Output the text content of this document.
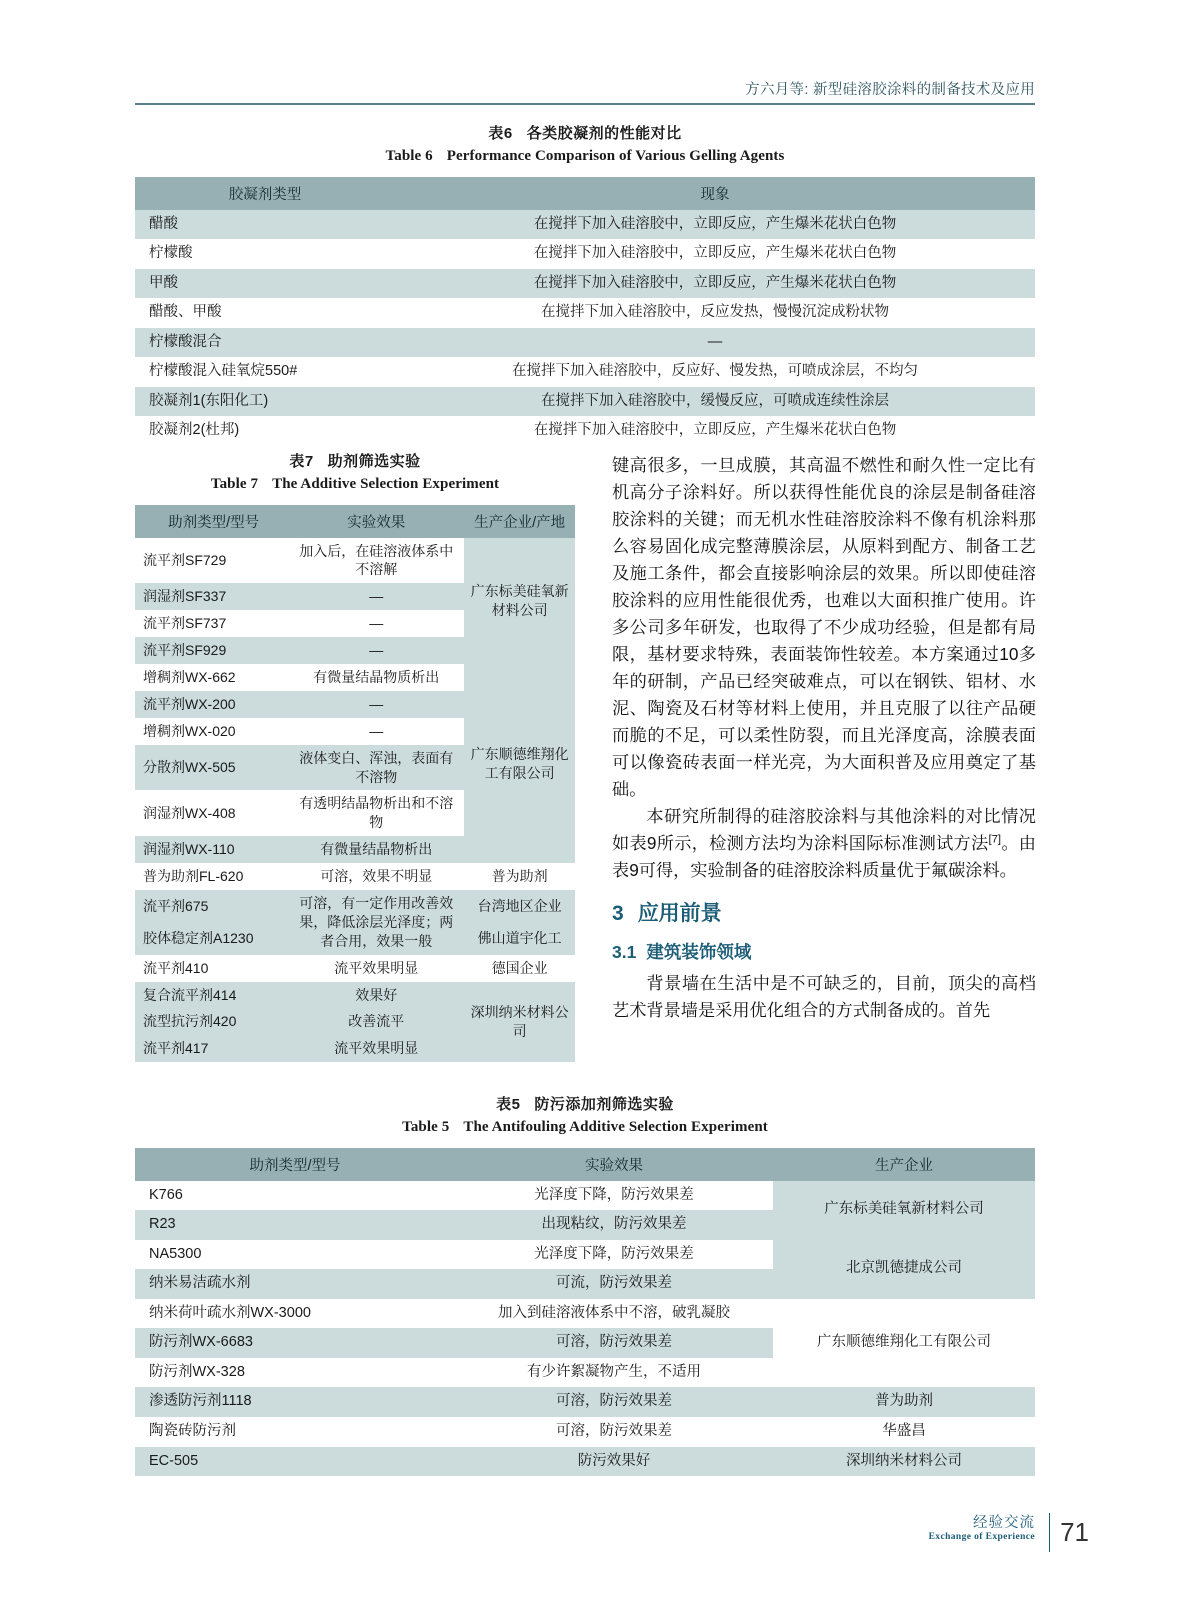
方六月等: 新型硅溶胶涂料的制备技术及应用
表6 各类胶凝剂的性能对比
Table 6 Performance Comparison of Various Gelling Agents
胶凝剂类型	现象
醋酸	在搅拌下加入硅溶胶中，立即反应，产生爆米花状白色物
柠檬酸	在搅拌下加入硅溶胶中，立即反应，产生爆米花状白色物
甲酸	在搅拌下加入硅溶胶中，立即反应，产生爆米花状白色物
醋酸、甲酸	在搅拌下加入硅溶胶中，反应发热，慢慢沉淀成粉状物
柠檬酸混合	—
柠檬酸混入硅氧烷550#	在搅拌下加入硅溶胶中，反应好、慢发热，可喷成涂层，不均匀
胶凝剂1(东阳化工)	在搅拌下加入硅溶胶中，缓慢反应，可喷成连续性涂层
胶凝剂2(杜邦)	在搅拌下加入硅溶胶中，立即反应，产生爆米花状白色物
表7 助剂筛选实验
Table 7 The Additive Selection Experiment
助剂类型/型号	实验效果	生产企业/产地
流平剂SF729	加入后，在硅溶液体系中不溶解	广东标美硅氧新材料公司
润湿剂SF337	—	
流平剂SF737	—	
流平剂SF929	—	
增稠剂WX-662	有微量结晶物质析出	广东顺德维翔化工有限公司
流平剂WX-200	—	
增稠剂WX-020	—	
分散剂WX-505	液体变白、浑浊，表面有不溶物	
润湿剂WX-408	有透明结晶物析出和不溶物	
润湿剂WX-110	有微量结晶物析出	
普为助剂FL-620	可溶，效果不明显	普为助剂
流平剂675	可溶，有一定作用改善效果，降低涂层光泽度；两者合用，效果一般	台湾地区企业
胶体稳定剂A1230		佛山道宇化工
流平剂410	流平效果明显	德国企业
复合流平剂414	效果好	深圳纳米材料公司
流型抗污剂420	改善流平	
流平剂417	流平效果明显	

键高很多，一旦成膜，其高温不燃性和耐久性一定比有机高分子涂料好。所以获得性能优良的涂层是制备硅溶胶涂料的关键；而无机水性硅溶胶涂料不像有机涂料那么容易固化成完整薄膜涂层，从原料到配方、制备工艺及施工条件，都会直接影响涂层的效果。所以即使硅溶胶涂料的应用性能很优秀，也难以大面积推广使用。许多公司多年研发，也取得了不少成功经验，但是都有局限，基材要求特殊，表面装饰性较差。本方案通过10多年的研制，产品已经突破难点，可以在钢铁、铝材、水泥、陶瓷及石材等材料上使用，并且克服了以往产品硬而脆的不足，可以柔性防裂，而且光泽度高，涂膜表面可以像瓷砖表面一样光亮，为大面积普及应用奠定了基础。

本研究所制得的硅溶胶涂料与其他涂料的对比情况如表9所示，检测方法均为涂料国际标准测试方法[7]。由表9可得，实验制备的硅溶胶涂料质量优于氟碳涂料。

3 应用前景
3.1 建筑装饰领域

背景墙在生活中是不可缺乏的，目前，顶尖的高档艺术背景墙是采用优化组合的方式制备成的。首先

表5 防污添加剂筛选实验
Table 5 The Antifouling Additive Selection Experiment
助剂类型/型号	实验效果	生产企业
K766	光泽度下降，防污效果差	广东标美硅氧新材料公司
R23	出现粘纹，防污效果差	
NA5300	光泽度下降，防污效果差	北京凯德捷成公司
纳米易洁疏水剂	可流，防污效果差	
纳米荷叶疏水剂WX-3000	加入到硅溶液体系中不溶，破乳凝胶	广东顺德维翔化工有限公司
防污剂WX-6683	可溶，防污效果差	
防污剂WX-328	有少许絮凝物产生，不适用	
渗透防污剂1118	可溶，防污效果差	普为助剂
陶瓷砖防污剂	可溶，防污效果差	华盛昌
EC-505	防污效果好	深圳纳米材料公司
经验交流
Exchange of Experience 71
